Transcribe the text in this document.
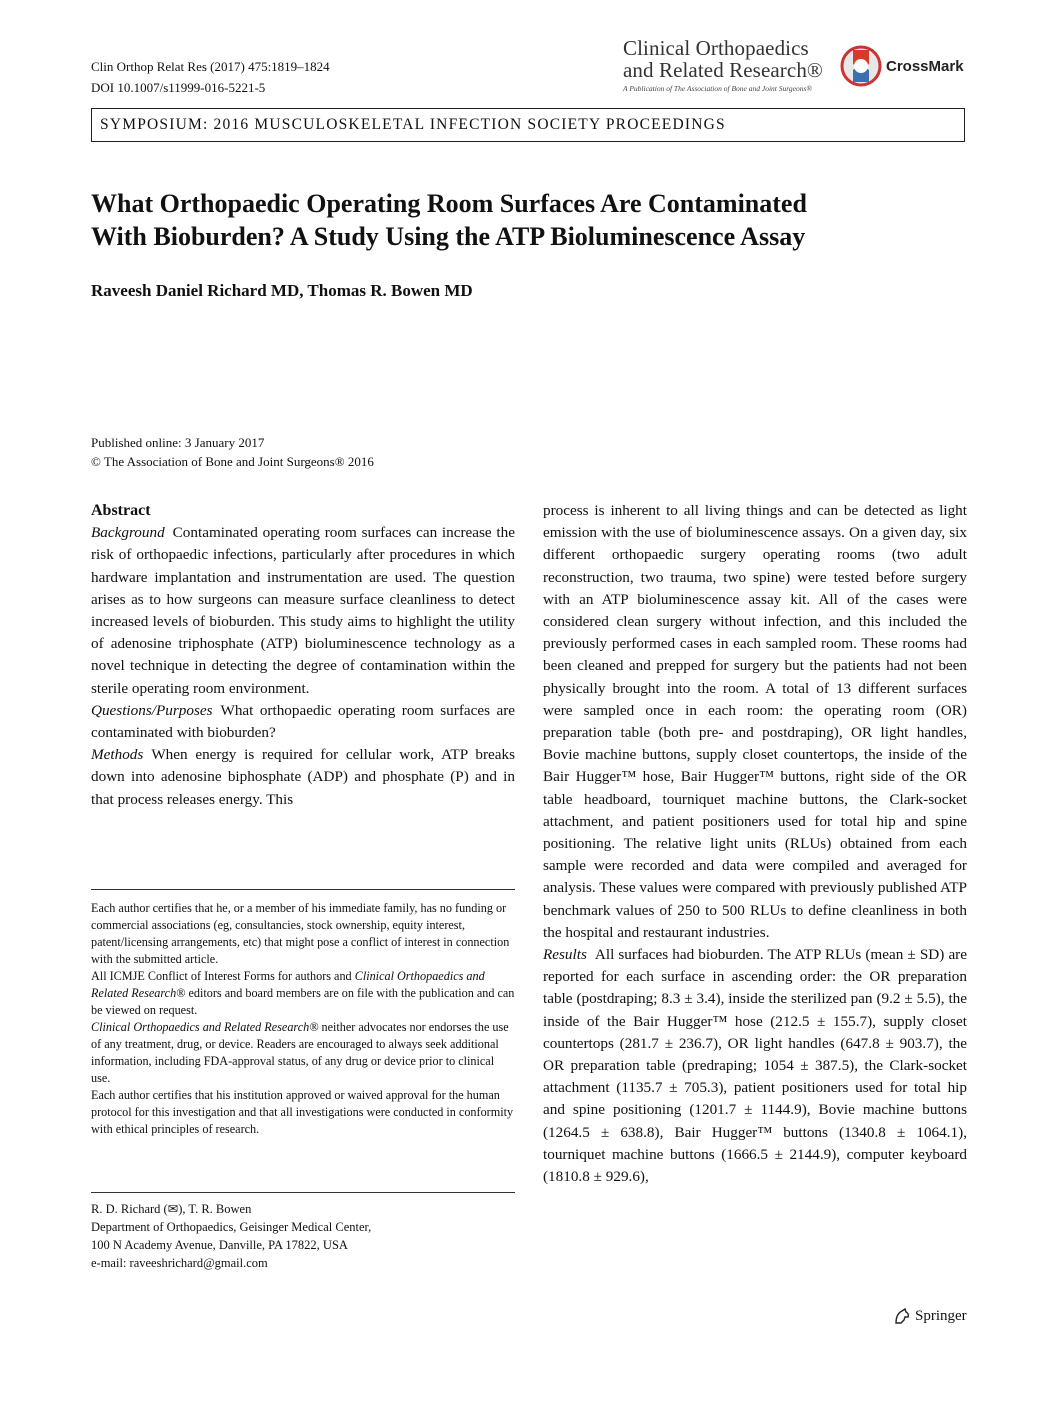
Clin Orthop Relat Res (2017) 475:1819–1824
DOI 10.1007/s11999-016-5221-5
Clinical Orthopaedics
and Related Research®
A Publication of The Association of Bone and Joint Surgeons®
CrossMark
SYMPOSIUM: 2016 MUSCULOSKELETAL INFECTION SOCIETY PROCEEDINGS
What Orthopaedic Operating Room Surfaces Are Contaminated
With Bioburden? A Study Using the ATP Bioluminescence Assay
Raveesh Daniel Richard MD, Thomas R. Bowen MD
Published online: 3 January 2017
© The Association of Bone and Joint Surgeons® 2016

Abstract

Background Contaminated operating room surfaces can increase the risk of orthopaedic infections, particularly after procedures in which hardware implantation and instrumentation are used. The question arises as to how surgeons can measure surface cleanliness to detect increased levels of bioburden. This study aims to highlight the utility of adenosine triphosphate (ATP) bioluminescence technology as a novel technique in detecting the degree of contamination within the sterile operating room environment.

Questions/Purposes What orthopaedic operating room surfaces are contaminated with bioburden?

Methods When energy is required for cellular work, ATP breaks down into adenosine biphosphate (ADP) and phosphate (P) and in that process releases energy. This

Each author certifies that he, or a member of his immediate family, has no funding or commercial associations (eg, consultancies, stock ownership, equity interest, patent/licensing arrangements, etc) that might pose a conflict of interest in connection with the submitted article.

All ICMJE Conflict of Interest Forms for authors and Clinical Orthopaedics and Related Research® editors and board members are on file with the publication and can be viewed on request.

Clinical Orthopaedics and Related Research® neither advocates nor endorses the use of any treatment, drug, or device. Readers are encouraged to always seek additional information, including FDA-approval status, of any drug or device prior to clinical use.

Each author certifies that his institution approved or waived approval for the human protocol for this investigation and that all investigations were conducted in conformity with ethical principles of research.

R. D. Richard (✉), T. R. Bowen

Department of Orthopaedics, Geisinger Medical Center,

100 N Academy Avenue, Danville, PA 17822, USA

e-mail: raveeshrichard@gmail.com

process is inherent to all living things and can be detected as light emission with the use of bioluminescence assays. On a given day, six different orthopaedic surgery operating rooms (two adult reconstruction, two trauma, two spine) were tested before surgery with an ATP bioluminescence assay kit. All of the cases were considered clean surgery without infection, and this included the previously performed cases in each sampled room. These rooms had been cleaned and prepped for surgery but the patients had not been physically brought into the room. A total of 13 different surfaces were sampled once in each room: the operating room (OR) preparation table (both pre- and postdraping), OR light handles, Bovie machine buttons, supply closet countertops, the inside of the Bair Hugger™ hose, Bair Hugger™ buttons, right side of the OR table headboard, tourniquet machine buttons, the Clark-socket attachment, and patient positioners used for total hip and spine positioning. The relative light units (RLUs) obtained from each sample were recorded and data were compiled and averaged for analysis. These values were compared with previously published ATP benchmark values of 250 to 500 RLUs to define cleanliness in both the hospital and restaurant industries.

Results All surfaces had bioburden. The ATP RLUs (mean ± SD) are reported for each surface in ascending order: the OR preparation table (postdraping; 8.3 ± 3.4), inside the sterilized pan (9.2 ± 5.5), the inside of the Bair Hugger™ hose (212.5 ± 155.7), supply closet countertops (281.7 ± 236.7), OR light handles (647.8 ± 903.7), the OR preparation table (predraping; 1054 ± 387.5), the Clark-socket attachment (1135.7 ± 705.3), patient positioners used for total hip and spine positioning (1201.7 ± 1144.9), Bovie machine buttons (1264.5 ± 638.8), Bair Hugger™ buttons (1340.8 ± 1064.1), tourniquet machine buttons (1666.5 ± 2144.9), computer keyboard (1810.8 ± 929.6),

Springer
